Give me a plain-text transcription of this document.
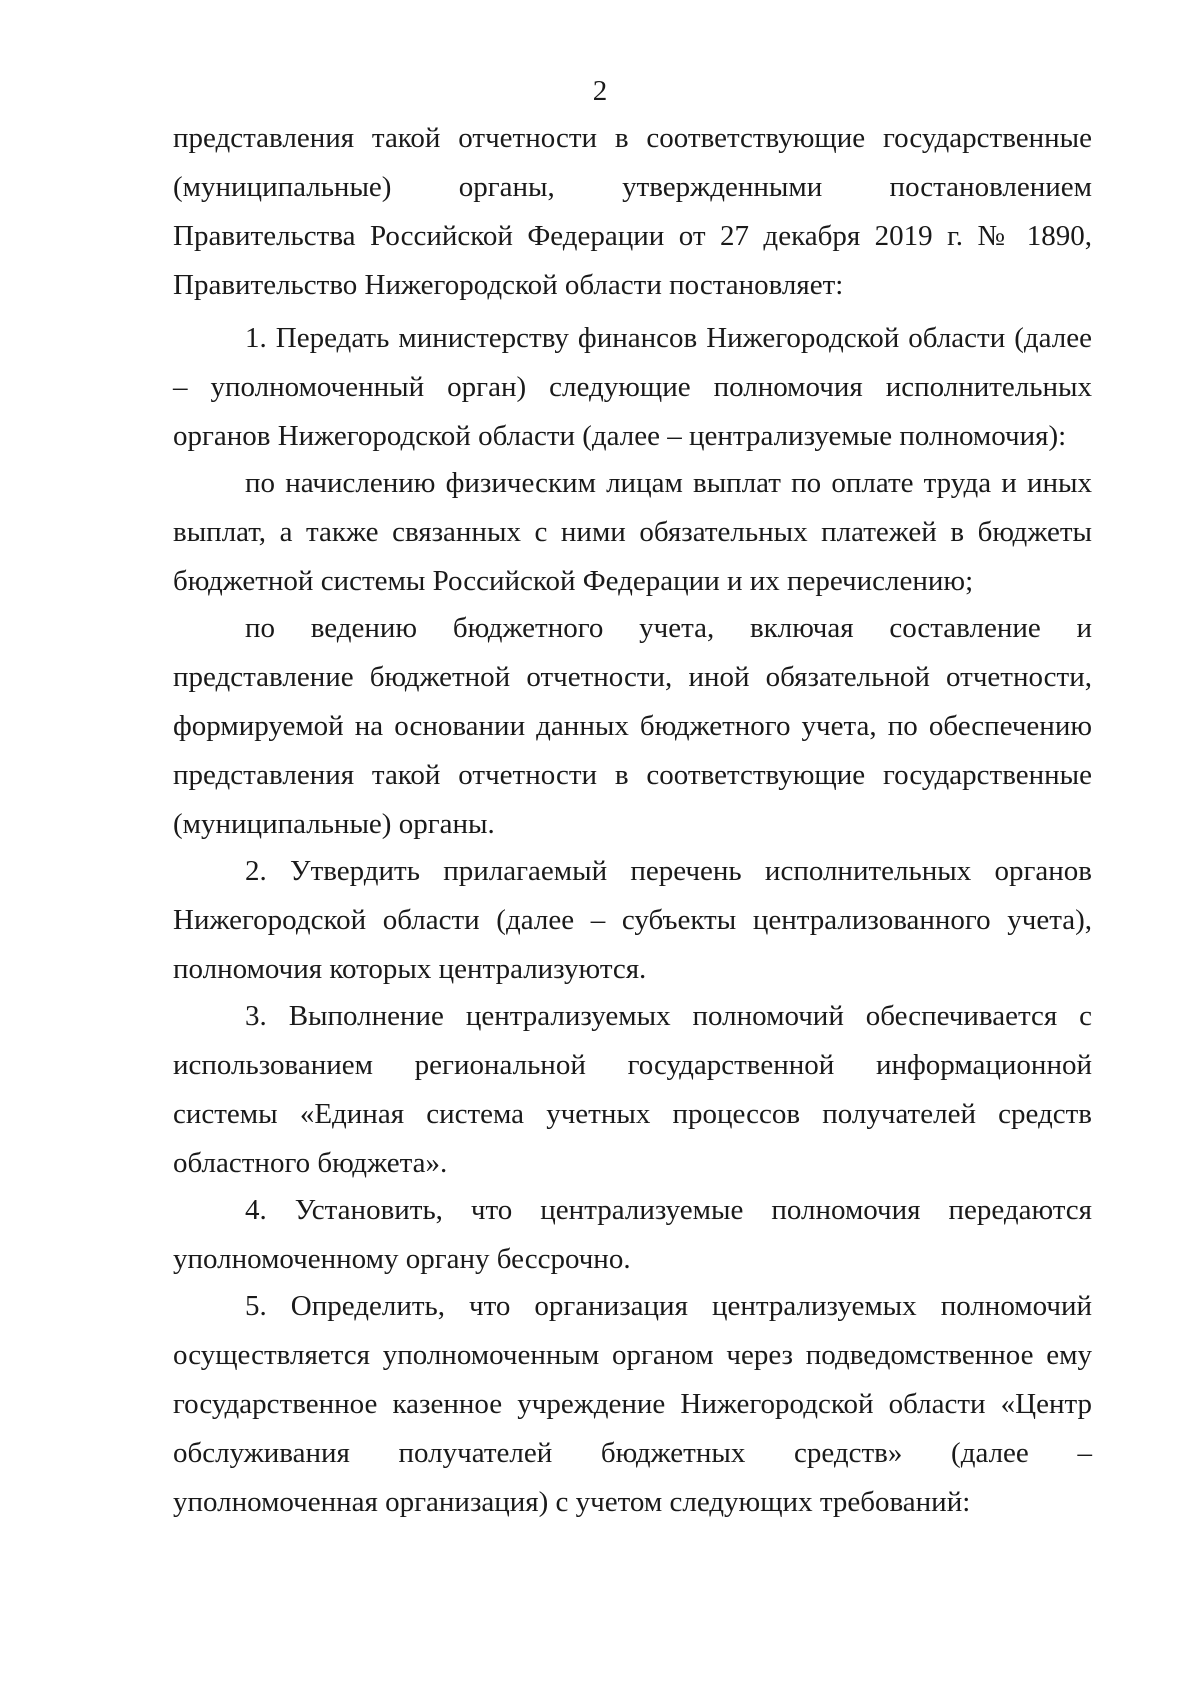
2

представления такой отчетности в соответствующие государственные (муниципальные) органы, утвержденными постановлением Правительства Российской Федерации от 27 декабря 2019 г. № 1890, Правительство Нижегородской области постановляет:

1. Передать министерству финансов Нижегородской области (далее – уполномоченный орган) следующие полномочия исполнительных органов Нижегородской области (далее – централизуемые полномочия):

по начислению физическим лицам выплат по оплате труда и иных выплат, а также связанных с ними обязательных платежей в бюджеты бюджетной системы Российской Федерации и их перечислению;

по ведению бюджетного учета, включая составление и представление бюджетной отчетности, иной обязательной отчетности, формируемой на основании данных бюджетного учета, по обеспечению представления такой отчетности в соответствующие государственные (муниципальные) органы.

2. Утвердить прилагаемый перечень исполнительных органов Нижегородской области (далее – субъекты централизованного учета), полномочия которых централизуются.

3. Выполнение централизуемых полномочий обеспечивается с использованием региональной государственной информационной системы «Единая система учетных процессов получателей средств областного бюджета».

4. Установить, что централизуемые полномочия передаются уполномоченному органу бессрочно.

5. Определить, что организация централизуемых полномочий осуществляется уполномоченным органом через подведомственное ему государственное казенное учреждение Нижегородской области «Центр обслуживания получателей бюджетных средств» (далее – уполномоченная организация) с учетом следующих требований:
